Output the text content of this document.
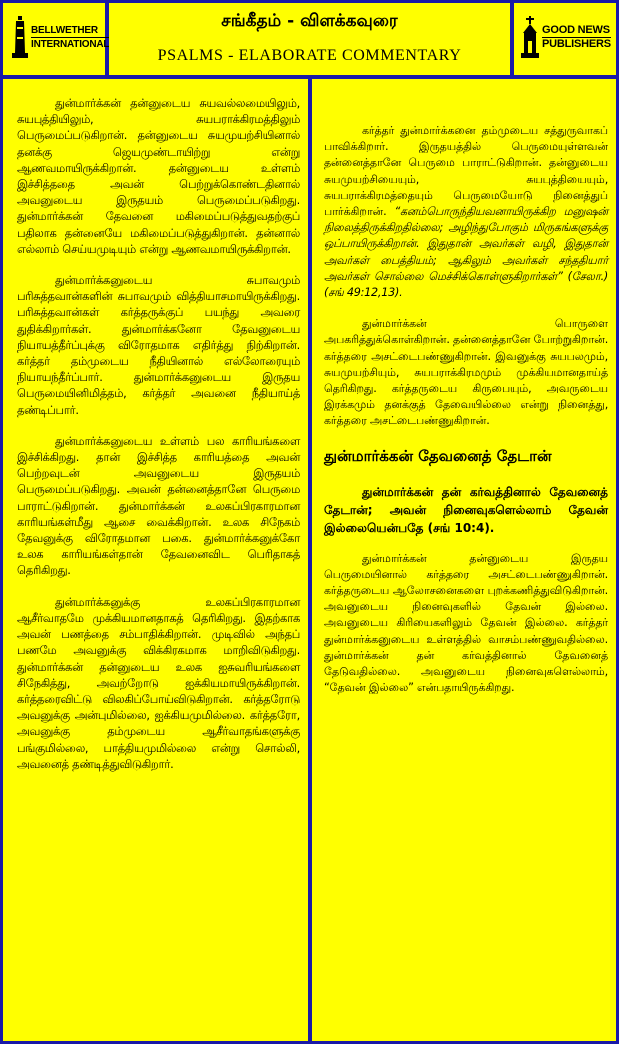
BELLWETHER
INTERNATIONAL
சங்கீதம் - விளக்கவுரை
PSALMS - ELABORATE COMMENTARY
GOOD NEWS
PUBLISHERS

துன்மார்க்கன் தன்னுடைய சுயவல்லமையிலும், சுயபுத்தியிலும், சுயபராக்கிரமத்திலும் பெருமைப்படுகிறான். தன்னுடைய சுயமுயற்சியினால் தனக்கு ஜெயமுண்டாயிற்று என்று ஆணவமாயிருக்கிறான். தன்னுடைய உள்ளம் இச்சித்ததை அவன் பெற்றுக்கொண்டதினால் அவனுடைய இருதயம் பெருமைப்படுகிறது. துன்மார்க்கன் தேவனை மகிமைப்படுத்துவதற்குப் பதிலாக தன்னையே மகிமைப்படுத்துகிறான். தன்னால் எல்லாம் செய்யமுடியும் என்று ஆணவமாயிருக்கிறான்.

துன்மார்க்கனுடைய சுபாவமும் பரிசுத்தவான்களின் சுபாவமும் வித்தியாசமாயிருக்கிறது. பரிசுத்தவான்கள் கர்த்தருக்குப் பயந்து அவரை துதிக்கிறார்கள். துன்மார்க்கனோ தேவனுடைய நியாயத்தீர்ப்புக்கு விரோதமாக எதிர்த்து நிற்கிறான். கர்த்தர் தம்முடைய நீதியினால் எல்லோரையும் நியாயந்தீர்ப்பார். துன்மார்க்கனுடைய இருதய பெருமையினிமித்தம், கர்த்தர் அவனை நீதியாய்த் தண்டிப்பார்.

துன்மார்க்கனுடைய உள்ளம் பல காரியங்களை இச்சிக்கிறது. தான் இச்சித்த காரியத்தை அவன் பெற்றவுடன் அவனுடைய இருதயம் பெருமைப்படுகிறது. அவன் தன்னைத்தானே பெருமை பாராட்டுகிறான். துன்மார்க்கன் உலகப்பிரகாரமான காரியங்கள்மீது ஆசை வைக்கிறான். உலக சிநேகம் தேவனுக்கு விரோதமான பகை. துன்மார்க்கனுக்கோ உலக காரியங்கள்தான் தேவனைவிட பெரிதாகத் தெரிகிறது.

துன்மார்க்கனுக்கு உலகப்பிரகாரமான ஆசீர்வாதமே முக்கியமானதாகத் தெரிகிறது. இதற்காக அவன் பணத்தை சம்பாதிக்கிறான். முடிவில் அந்தப் பணமே அவனுக்கு விக்கிரகமாக மாறிவிடுகிறது. துன்மார்க்கன் தன்னுடைய உலக ஐசுவரியங்களை சிநேகித்து, அவற்றோடு ஐக்கியமாயிருக்கிறான். கர்த்தரைவிட்டு விலகிப்போய்விடுகிறான். கர்த்தரோடு அவனுக்கு அன்புமில்லை, ஐக்கியமுமில்லை. கர்த்தரோ, அவனுக்கு தம்முடைய ஆசீர்வாதங்களுக்கு பங்குமில்லை, பாத்தியமுமில்லை என்று சொல்லி, அவனைத் தண்டித்துவிடுகிறார்.

கர்த்தர் துன்மார்க்கனை தம்முடைய சத்துருவாகப் பாவிக்கிறார். இருதயத்தில் பெருமையுள்ளவன் தன்னைத்தானே பெருமை பாராட்டுகிறான். தன்னுடைய சுயமுயற்சியையும், சுயபுத்தியையும், சுயபராக்கிரமத்தையும் பெருமையோடு நினைத்துப் பார்க்கிறான். “கனம்பொருந்தியவனாயிருக்கிற மனுஷன் நிலைத்திருக்கிறதில்லை; அழிந்துபோகும் மிருகங்களுக்கு ஒப்பாயிருக்கிறான். இதுதான் அவர்கள் வழி, இதுதான் அவர்கள் பைத்தியம்; ஆகிலும் அவர்கள் சந்ததியார் அவர்கள் சொல்லை மெச்சிக்கொள்ளுகிறார்கள்” (சேலா.) (சங் 49:12,13).

துன்மார்க்கன் பொருளை அபகரித்துக்கொள்கிறான். தன்னைத்தானே போற்றுகிறான். கர்த்தரை அசட்டைபண்ணுகிறான். இவனுக்கு சுயபலமும், சுயமுயற்சியும், சுயபராக்கிரமமும் முக்கியமானதாய்த் தெரிகிறது. கர்த்தருடைய கிருபையும், அவருடைய இரக்கமும் தனக்குத் தேவையில்லை என்று நினைத்து, கர்த்தரை அசட்டைபண்ணுகிறான்.

துன்மார்க்கன் தேவனைத் தேடான்

துன்மார்க்கன் தன் கர்வத்தினால் தேவனைத் தேடான்; அவன் நினைவுகளெல்லாம் தேவன் இல்லையென்பதே (சங் 10:4).

துன்மார்க்கன் தன்னுடைய இருதய பெருமையினால் கர்த்தரை அசட்டைபண்ணுகிறான். கர்த்தருடைய ஆலோசனைகளை புறக்கணித்துவிடுகிறான். அவனுடைய நினைவுகளில் தேவன் இல்லை. அவனுடைய கிரியைகளிலும் தேவன் இல்லை. கர்த்தர் துன்மார்க்கனுடைய உள்ளத்தில் வாசம்பண்ணுவதில்லை. துன்மார்க்கன் தன் கர்வத்தினால் தேவனைத் தேடுவதில்லை. அவனுடைய நினைவுகளெல்லாம், “தேவன் இல்லை” என்பதாயிருக்கிறது.
